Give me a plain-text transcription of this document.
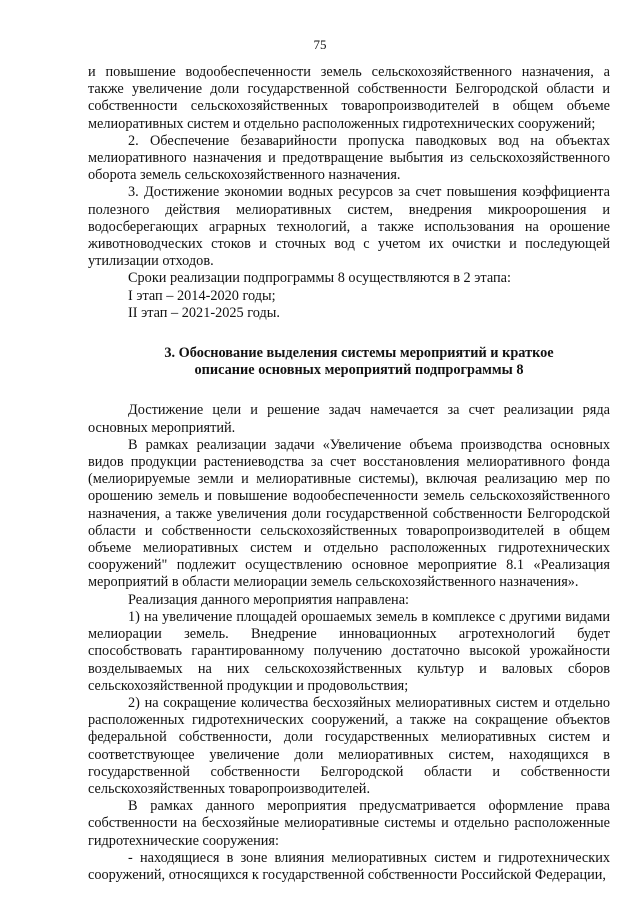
75

и повышение водообеспеченности земель сельскохозяйственного назначения, а также увеличение доли государственной собственности Белгородской области и собственности сельскохозяйственных товаропроизводителей в общем объеме мелиоративных систем и отдельно расположенных гидротехнических сооружений;

2. Обеспечение безаварийности пропуска паводковых вод на объектах мелиоративного назначения и предотвращение выбытия из сельскохозяйственного оборота земель сельскохозяйственного назначения.

3. Достижение экономии водных ресурсов за счет повышения коэффициента полезного действия мелиоративных систем, внедрения микроорошения и водосберегающих аграрных технологий, а также использования на орошение животноводческих стоков и сточных вод с учетом их очистки и последующей утилизации отходов.

Сроки реализации подпрограммы 8 осуществляются в 2 этапа:

I этап – 2014-2020 годы;

II этап – 2021-2025 годы.

3. Обоснование выделения системы мероприятий и краткое
описание основных мероприятий подпрограммы 8

Достижение цели и решение задач намечается за счет реализации ряда основных мероприятий.

В рамках реализации задачи «Увеличение объема производства основных видов продукции растениеводства за счет восстановления мелиоративного фонда (мелиорируемые земли и мелиоративные системы), включая реализацию мер по орошению земель и повышение водообеспеченности земель сельскохозяйственного назначения, а также увеличения доли государственной собственности Белгородской области и собственности сельскохозяйственных товаропроизводителей в общем объеме мелиоративных систем и отдельно расположенных гидротехнических сооружений" подлежит осуществлению основное мероприятие 8.1 «Реализация мероприятий в области мелиорации земель сельскохозяйственного назначения».

Реализация данного мероприятия направлена:

1) на увеличение площадей орошаемых земель в комплексе с другими видами мелиорации земель. Внедрение инновационных агротехнологий будет способствовать гарантированному получению достаточно высокой урожайности возделываемых на них сельскохозяйственных культур и валовых сборов сельскохозяйственной продукции и продовольствия;

2) на сокращение количества бесхозяйных мелиоративных систем и отдельно расположенных гидротехнических сооружений, а также на сокращение объектов федеральной собственности, доли государственных мелиоративных систем и соответствующее увеличение доли мелиоративных систем, находящихся в государственной собственности Белгородской области и собственности сельскохозяйственных товаропроизводителей.

В рамках данного мероприятия предусматривается оформление права собственности на бесхозяйные мелиоративные системы и отдельно расположенные гидротехнические сооружения:

- находящиеся в зоне влияния мелиоративных систем и гидротехнических сооружений, относящихся к государственной собственности Российской Федерации,
